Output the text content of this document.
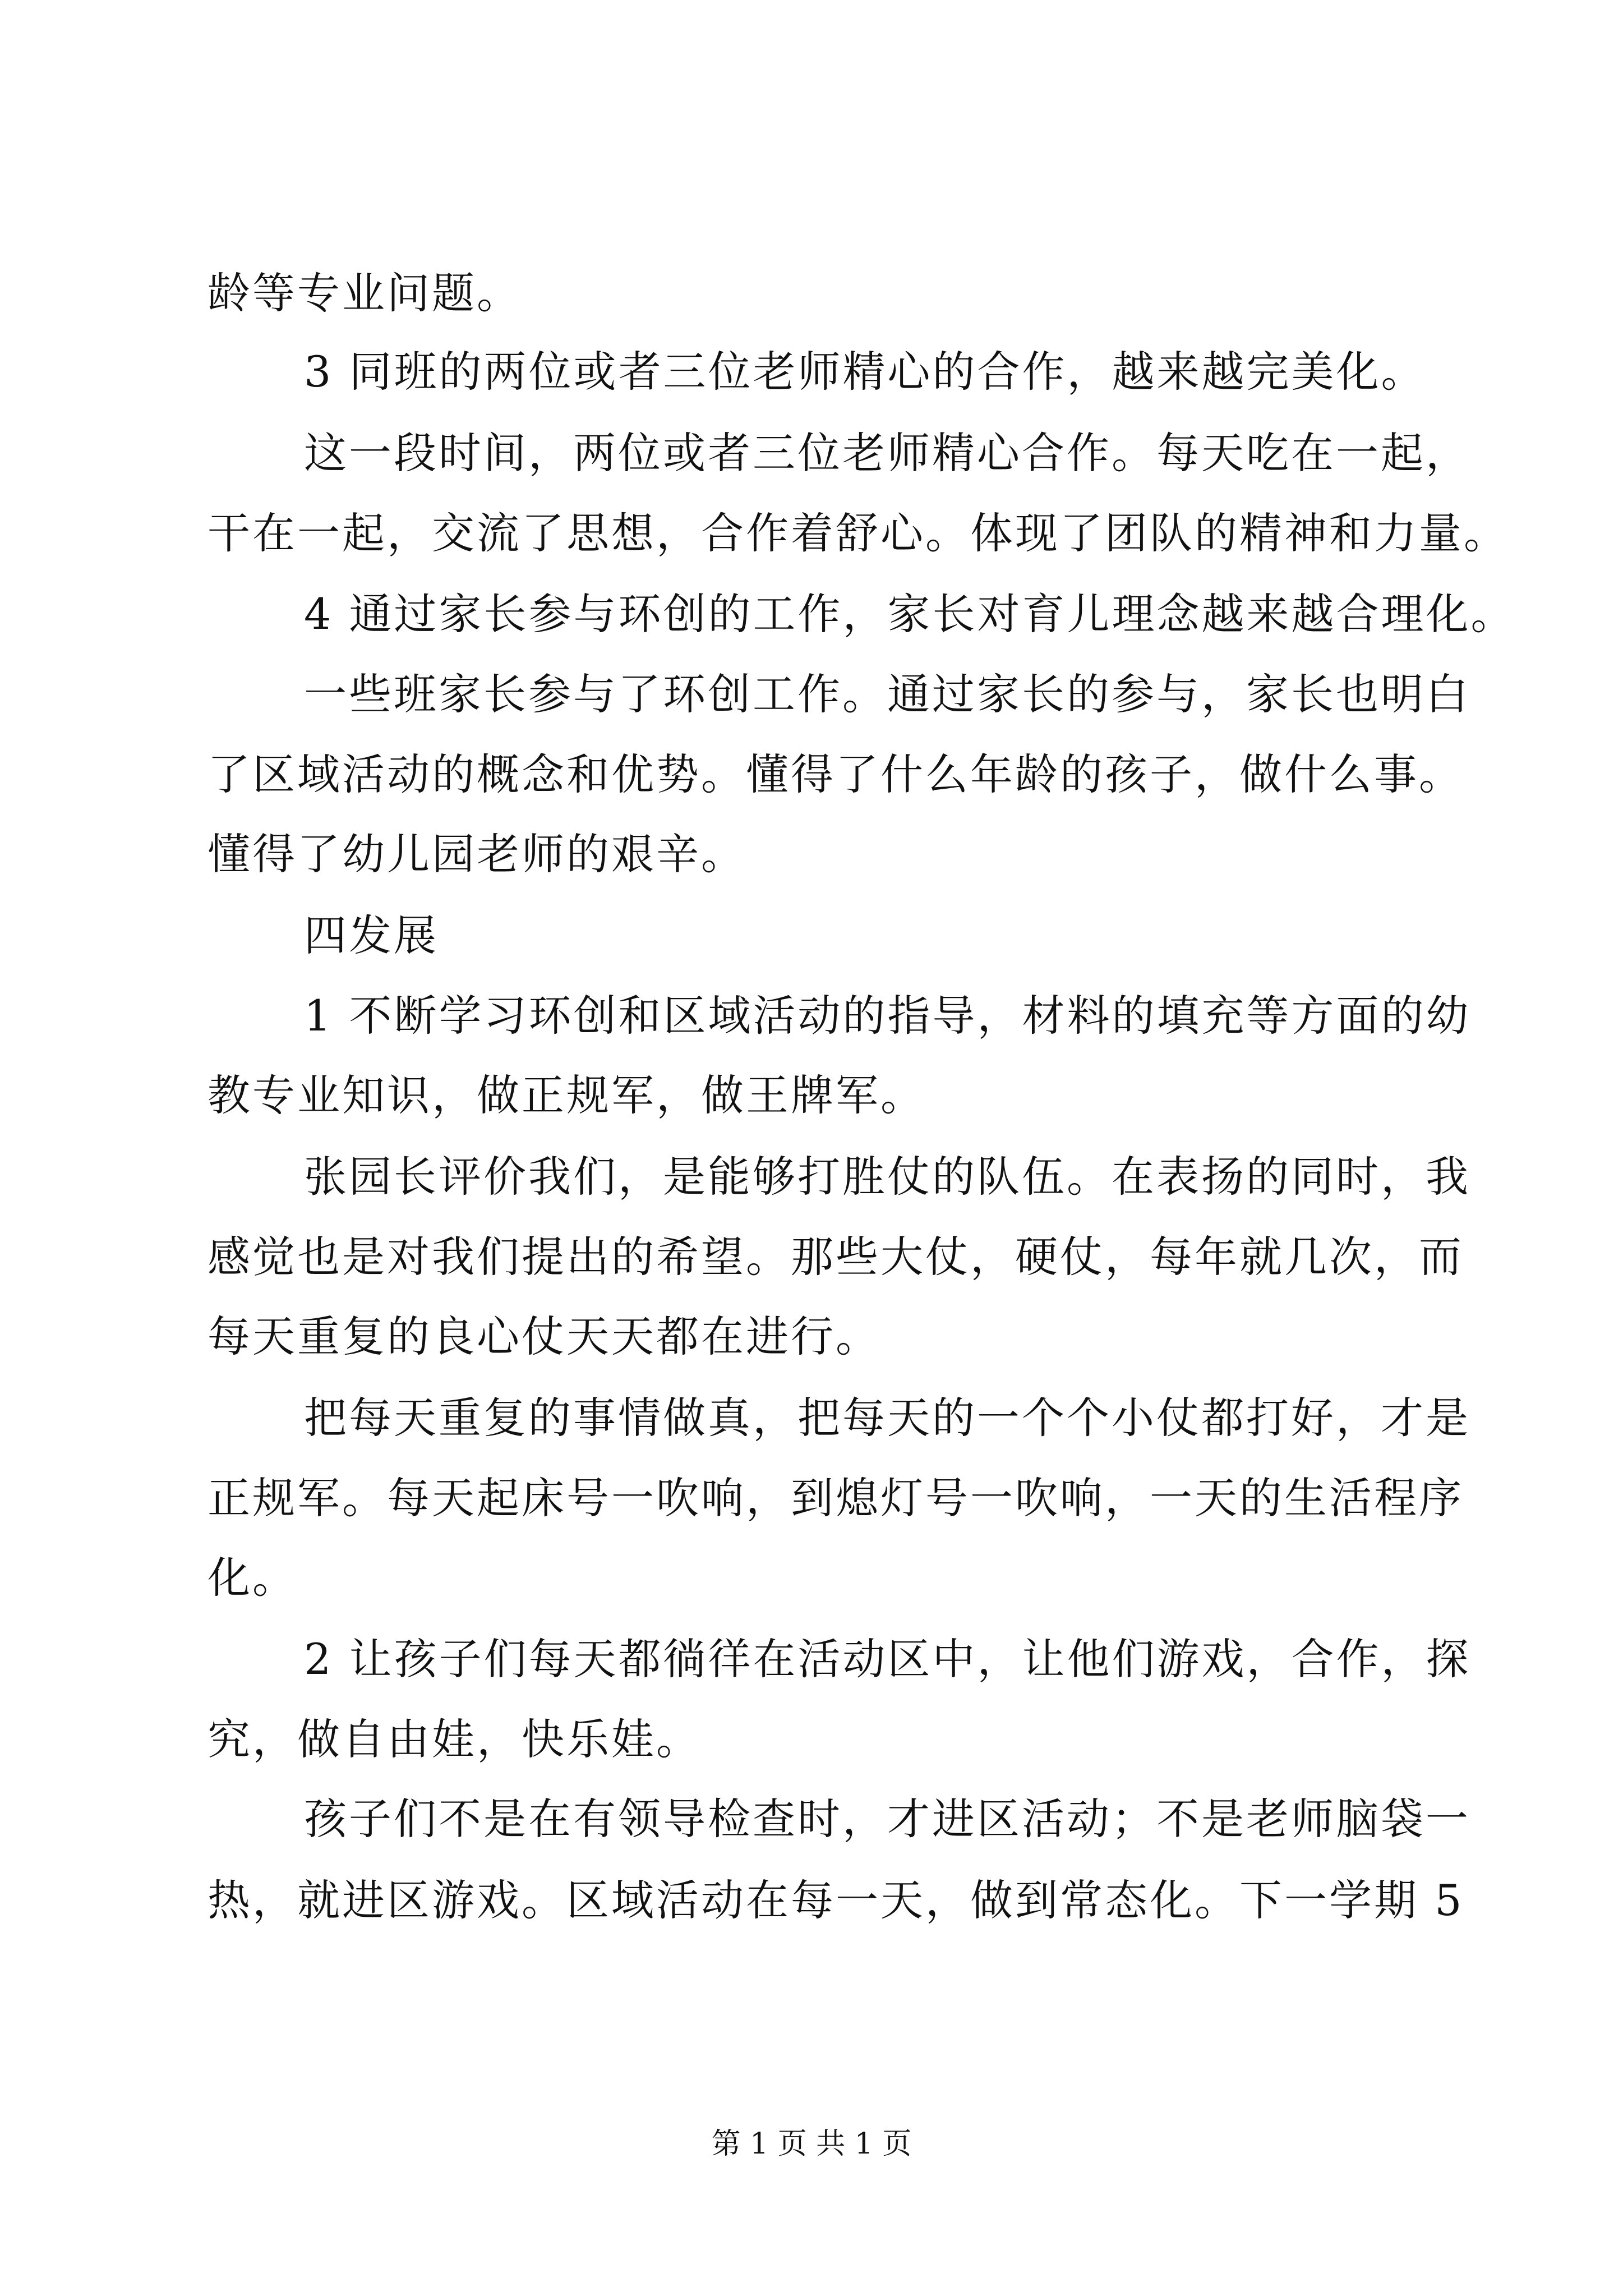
龄等专业问题。
3 同班的两位或者三位老师精心的合作，越来越完美化。
这一段时间，两位或者三位老师精心合作。每天吃在一起，
干在一起，交流了思想，合作着舒心。体现了团队的精神和力量。
4 通过家长参与环创的工作，家长对育儿理念越来越合理化。
一些班家长参与了环创工作。通过家长的参与，家长也明白
了区域活动的概念和优势。懂得了什么年龄的孩子，做什么事。
懂得了幼儿园老师的艰辛。
四发展
1 不断学习环创和区域活动的指导，材料的填充等方面的幼
教专业知识，做正规军，做王牌军。
张园长评价我们，是能够打胜仗的队伍。在表扬的同时，我
感觉也是对我们提出的希望。那些大仗，硬仗，每年就几次，而
每天重复的良心仗天天都在进行。
把每天重复的事情做真，把每天的一个个小仗都打好，才是
正规军。每天起床号一吹响，到熄灯号一吹响，一天的生活程序
化。
2 让孩子们每天都徜徉在活动区中，让他们游戏，合作，探
究，做自由娃，快乐娃。
孩子们不是在有领导检查时，才进区活动；不是老师脑袋一
热，就进区游戏。区域活动在每一天，做到常态化。下一学期 5
第 1 页 共 1 页
